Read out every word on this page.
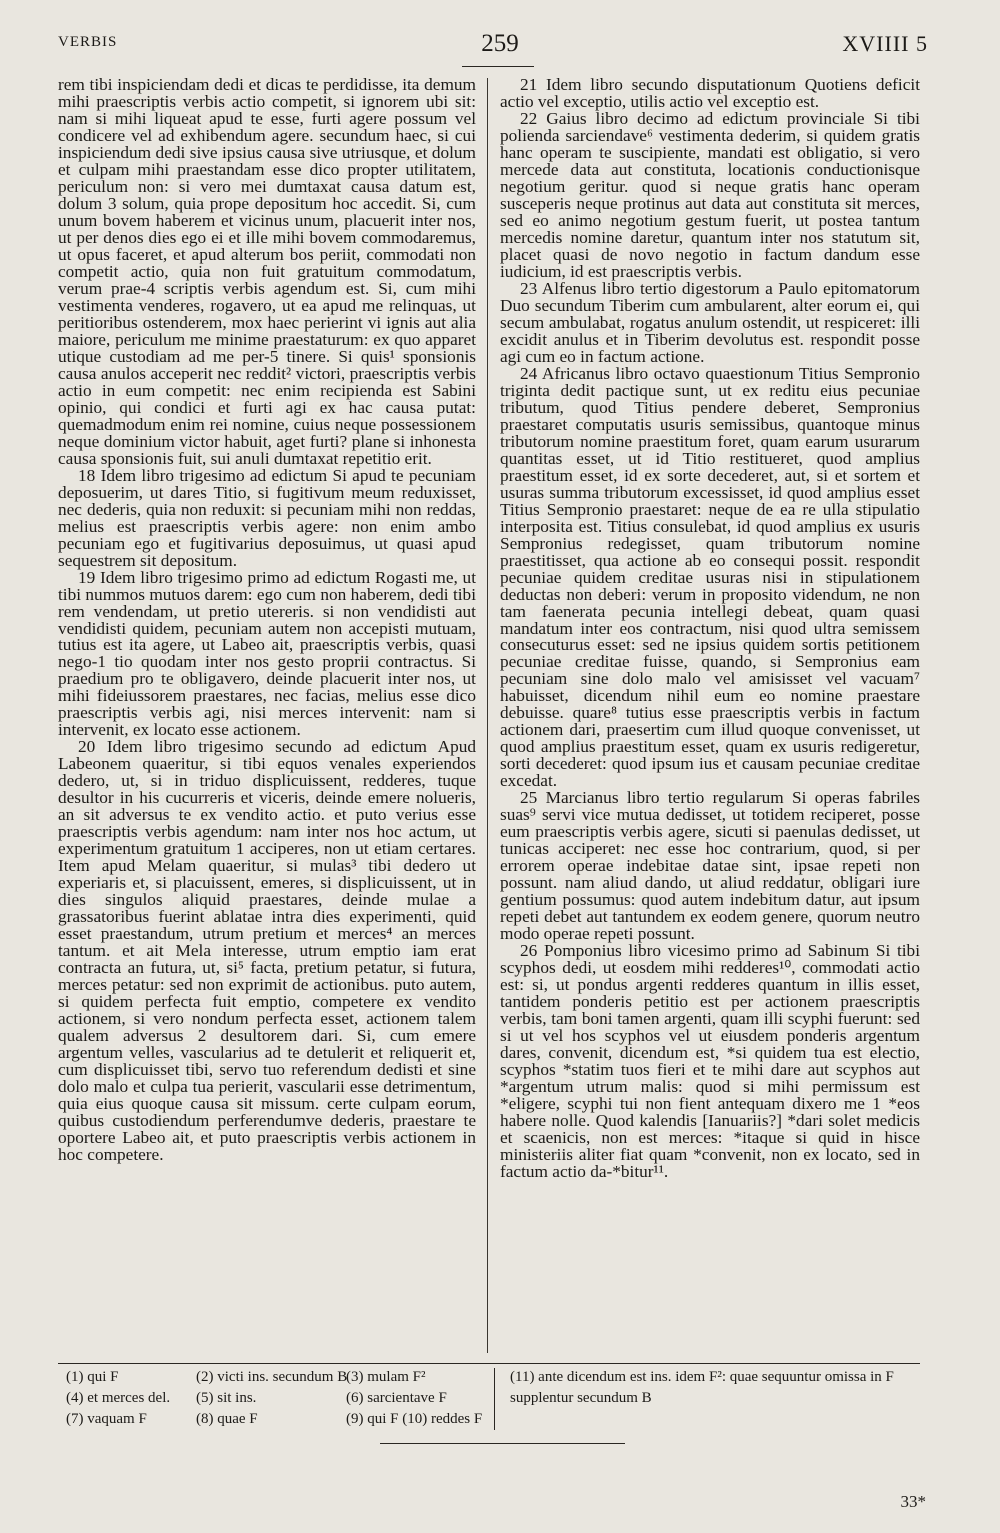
VERBIS	259	XVIIII 5

rem tibi inspiciendam dedi et dicas te perdidisse, ita demum mihi praescriptis verbis actio competit, si ignorem ubi sit: nam si mihi liqueat apud te esse, furti agere possum vel condicere vel ad exhibendum agere. secundum haec, si cui inspiciendum dedi sive ipsius causa sive utriusque, et dolum et culpam mihi praestandam esse dico propter utilitatem, periculum non: si vero mei dumtaxat causa datum est, dolum 3 solum, quia prope depositum hoc accedit. Si, cum unum bovem haberem et vicinus unum, placuerit inter nos, ut per denos dies ego ei et ille mihi bovem commodaremus, ut opus faceret, et apud alterum bos periit, commodati non competit actio, quia non fuit gratuitum commodatum, verum prae-4 scriptis verbis agendum est. Si, cum mihi vestimenta venderes, rogavero, ut ea apud me relinquas, ut peritioribus ostenderem, mox haec perierint vi ignis aut alia maiore, periculum me minime praestaturum: ex quo apparet utique custodiam ad me per-5 tinere. Si quis¹ sponsionis causa anulos acceperit nec reddit² victori, praescriptis verbis actio in eum competit: nec enim recipienda est Sabini opinio, qui condici et furti agi ex hac causa putat: quemadmodum enim rei nomine, cuius neque possessionem neque dominium victor habuit, aget furti? plane si inhonesta causa sponsionis fuit, sui anuli dumtaxat repetitio erit.

18 Idem libro trigesimo ad edictum Si apud te pecuniam deposuerim, ut dares Titio, si fugitivum meum reduxisset, nec dederis, quia non reduxit: si pecuniam mihi non reddas, melius est praescriptis verbis agere: non enim ambo pecuniam ego et fugitivarius deposuimus, ut quasi apud sequestrem sit depositum.

19 Idem libro trigesimo primo ad edictum Rogasti me, ut tibi nummos mutuos darem: ego cum non haberem, dedi tibi rem vendendam, ut pretio utereris. si non vendidisti aut vendidisti quidem, pecuniam autem non accepisti mutuam, tutius est ita agere, ut Labeo ait, praescriptis verbis, quasi nego-1 tio quodam inter nos gesto proprii contractus. Si praedium pro te obligavero, deinde placuerit inter nos, ut mihi fideiussorem praestares, nec facias, melius esse dico praescriptis verbis agi, nisi merces intervenit: nam si intervenit, ex locato esse actionem.

20 Idem libro trigesimo secundo ad edictum Apud Labeonem quaeritur, si tibi equos venales experiendos dedero, ut, si in triduo displicuissent, redderes, tuque desultor in his cucurreris et viceris, deinde emere nolueris, an sit adversus te ex vendito actio. et puto verius esse praescriptis verbis agendum: nam inter nos hoc actum, ut experimentum gratuitum 1 acciperes, non ut etiam certares. Item apud Melam quaeritur, si mulas³ tibi dedero ut experiaris et, si placuissent, emeres, si displicuissent, ut in dies singulos aliquid praestares, deinde mulae a grassatoribus fuerint ablatae intra dies experimenti, quid esset praestandum, utrum pretium et merces⁴ an merces tantum. et ait Mela interesse, utrum emptio iam erat contracta an futura, ut, si⁵ facta, pretium petatur, si futura, merces petatur: sed non exprimit de actionibus. puto autem, si quidem perfecta fuit emptio, competere ex vendito actionem, si vero nondum perfecta esset, actionem talem qualem adversus 2 desultorem dari. Si, cum emere argentum velles, vascularius ad te detulerit et reliquerit et, cum displicuisset tibi, servo tuo referendum dedisti et sine dolo malo et culpa tua perierit, vascularii esse detrimentum, quia eius quoque causa sit missum. certe culpam eorum, quibus custodiendum perferendumve dederis, praestare te oportere Labeo ait, et puto praescriptis verbis actionem in hoc competere.

21 Idem libro secundo disputationum Quotiens deficit actio vel exceptio, utilis actio vel exceptio est.

22 Gaius libro decimo ad edictum provinciale Si tibi polienda sarciendave⁶ vestimenta dederim, si quidem gratis hanc operam te suscipiente, mandati est obligatio, si vero mercede data aut constituta, locationis conductionisque negotium geritur. quod si neque gratis hanc operam susceperis neque protinus aut data aut constituta sit merces, sed eo animo negotium gestum fuerit, ut postea tantum mercedis nomine daretur, quantum inter nos statutum sit, placet quasi de novo negotio in factum dandum esse iudicium, id est praescriptis verbis.

23 Alfenus libro tertio digestorum a Paulo epitomatorum Duo secundum Tiberim cum ambularent, alter eorum ei, qui secum ambulabat, rogatus anulum ostendit, ut respiceret: illi excidit anulus et in Tiberim devolutus est. respondit posse agi cum eo in factum actione.

24 Africanus libro octavo quaestionum Titius Sempronio triginta dedit pactique sunt, ut ex reditu eius pecuniae tributum, quod Titius pendere deberet, Sempronius praestaret computatis usuris semissibus, quantoque minus tributorum nomine praestitum foret, quam earum usurarum quantitas esset, ut id Titio restitueret, quod amplius praestitum esset, id ex sorte decederet, aut, si et sortem et usuras summa tributorum excessisset, id quod amplius esset Titius Sempronio praestaret: neque de ea re ulla stipulatio interposita est. Titius consulebat, id quod amplius ex usuris Sempronius redegisset, quam tributorum nomine praestitisset, qua actione ab eo consequi possit. respondit pecuniae quidem creditae usuras nisi in stipulationem deductas non deberi: verum in proposito videndum, ne non tam faenerata pecunia intellegi debeat, quam quasi mandatum inter eos contractum, nisi quod ultra semissem consecuturus esset: sed ne ipsius quidem sortis petitionem pecuniae creditae fuisse, quando, si Sempronius eam pecuniam sine dolo malo vel amisisset vel vacuam⁷ habuisset, dicendum nihil eum eo nomine praestare debuisse. quare⁸ tutius esse praescriptis verbis in factum actionem dari, praesertim cum illud quoque convenisset, ut quod amplius praestitum esset, quam ex usuris redigeretur, sorti decederet: quod ipsum ius et causam pecuniae creditae excedat.

25 Marcianus libro tertio regularum Si operas fabriles suas⁹ servi vice mutua dedisset, ut totidem reciperet, posse eum praescriptis verbis agere, sicuti si paenulas dedisset, ut tunicas acciperet: nec esse hoc contrarium, quod, si per errorem operae indebitae datae sint, ipsae repeti non possunt. nam aliud dando, ut aliud reddatur, obligari iure gentium possumus: quod autem indebitum datur, aut ipsum repeti debet aut tantundem ex eodem genere, quorum neutro modo operae repeti possunt.

26 Pomponius libro vicesimo primo ad Sabinum Si tibi scyphos dedi, ut eosdem mihi redderes¹⁰, commodati actio est: si, ut pondus argenti redderes quantum in illis esset, tantidem ponderis petitio est per actionem praescriptis verbis, tam boni tamen argenti, quam illi scyphi fuerunt: sed si ut vel hos scyphos vel ut eiusdem ponderis argentum dares, convenit, dicendum est, *si quidem tua est electio, scyphos *statim tuos fieri et te mihi dare aut scyphos aut *argentum utrum malis: quod si mihi permissum est *eligere, scyphi tui non fient antequam dixero me 1 *eos habere nolle. Quod kalendis [Ianuariis?] *dari solet medicis et scaenicis, non est merces: *itaque si quid in hisce ministeriis aliter fiat quam *convenit, non ex locato, sed in factum actio da-*bitur¹¹.

(1) qui F	(2) victi ins. secundum B
(3) mulam F²
(4) et merces del.	(5) sit ins.	(6) sarcientave F
(7) vaquam F	(8) quae F	(9) qui F (10) reddes F
(11) ante dicendum est ins. idem F²: quae sequuntur omissa in F supplentur secundum B
33*
